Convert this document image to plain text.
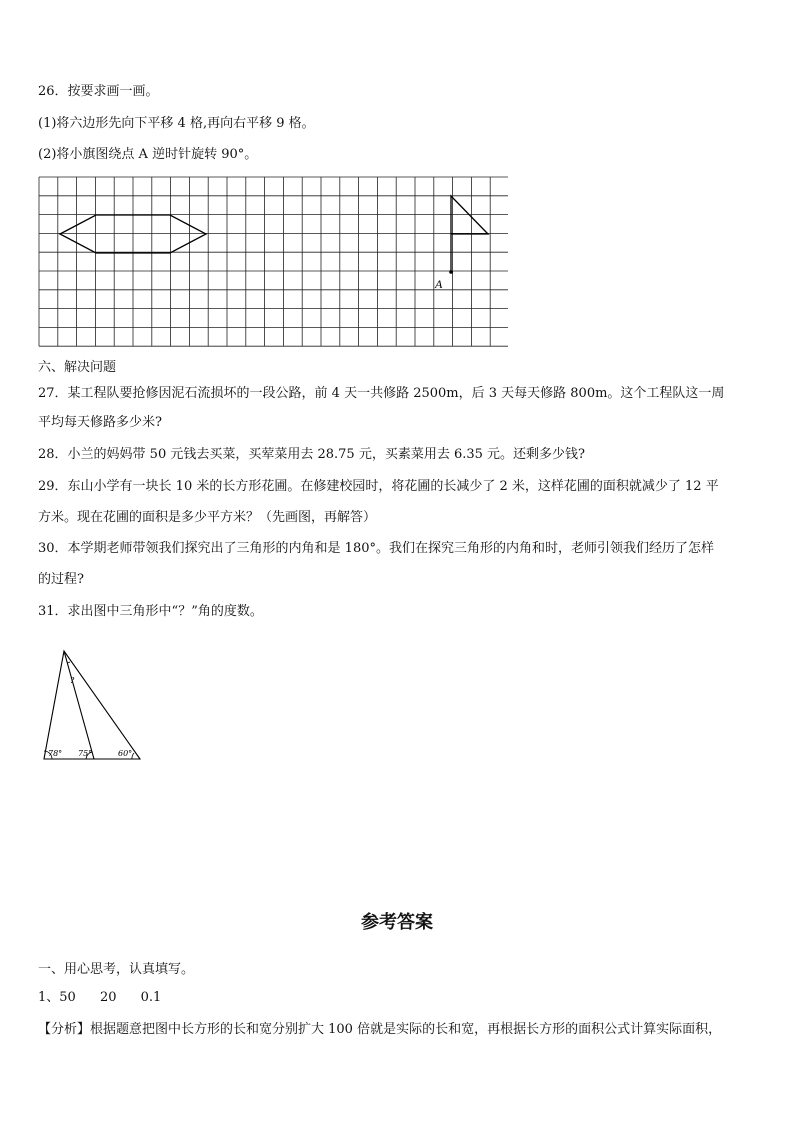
26．按要求画一画。
(1)将六边形先向下平移 4 格,再向右平移 9 格。
(2)将小旗图绕点 A 逆时针旋转 90°。
A
六、解决问题
27．某工程队要抢修因泥石流损坏的一段公路，前 4 天一共修路 2500m，后 3 天每天修路 800m。这个工程队这一周
平均每天修路多少米?
28．小兰的妈妈带 50 元钱去买菜，买荤菜用去 28.75 元，买素菜用去 6.35 元。还剩多少钱?
29．东山小学有一块长 10 米的长方形花圃。在修建校园时，将花圃的长减少了 2 米，这样花圃的面积就减少了 12 平
方米。现在花圃的面积是多少平方米？（先画图，再解答）
30．本学期老师带领我们探究出了三角形的内角和是 180°。我们在探究三角形的内角和时，老师引领我们经历了怎样
的过程?
31．求出图中三角形中“？”角的度数。
?
78° 75°	60°
参考答案
一、用心思考，认真填写。
1、50 20 0.1
【分析】根据题意把图中长方形的长和宽分别扩大 100 倍就是实际的长和宽，再根据长方形的面积公式计算实际面积，
